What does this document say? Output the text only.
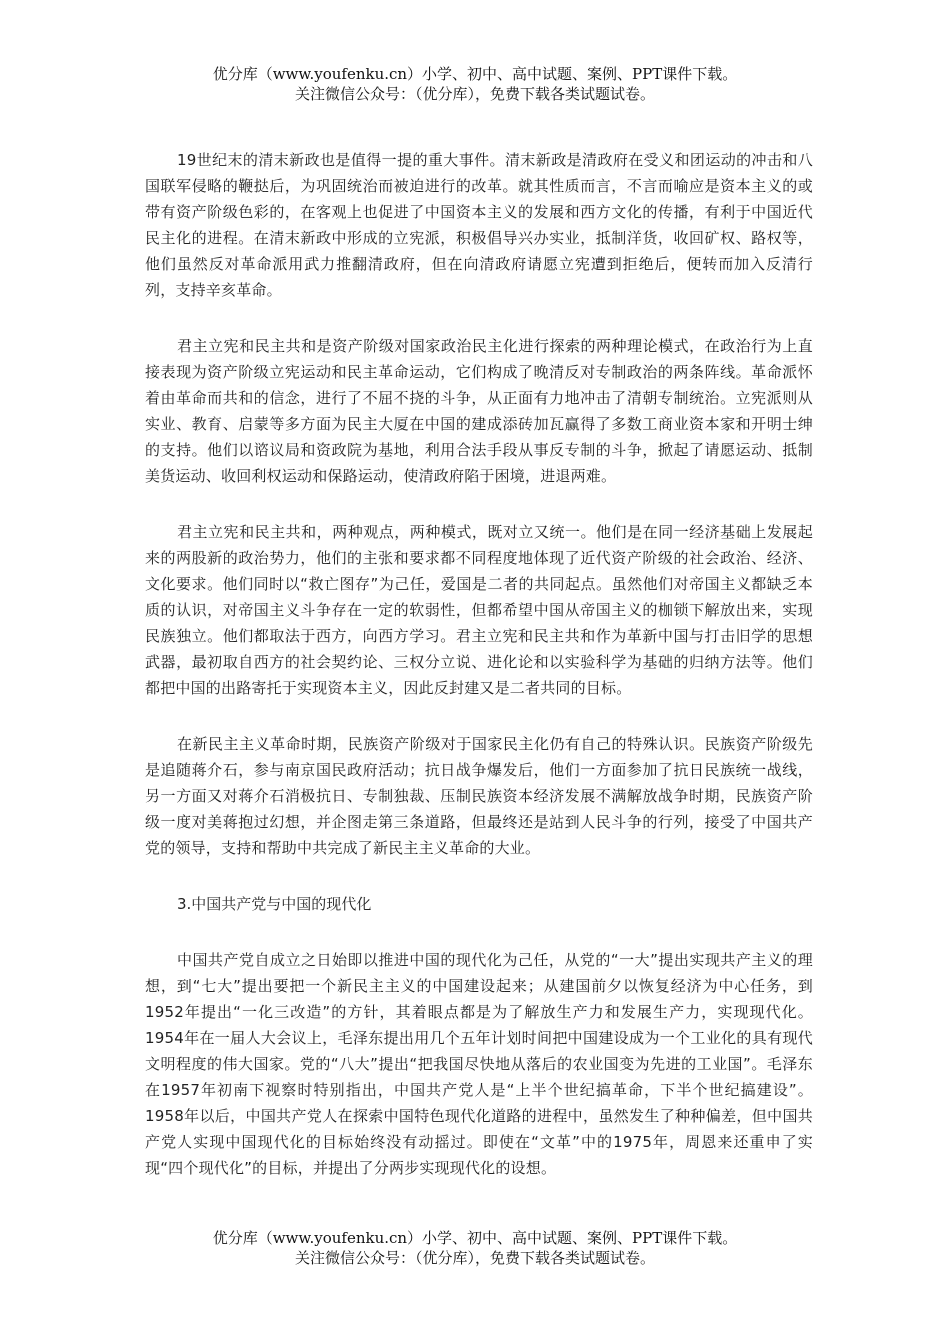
优分库（www.youfenku.cn）小学、初中、高中试题、案例、PPT课件下载。
关注微信公众号：（优分库），免费下载各类试题试卷。

19世纪末的清末新政也是值得一提的重大事件。清末新政是清政府在受义和团运动的冲击和八国联军侵略的鞭挞后，为巩固统治而被迫进行的改革。就其性质而言，不言而喻应是资本主义的或带有资产阶级色彩的，在客观上也促进了中国资本主义的发展和西方文化的传播，有利于中国近代民主化的进程。在清末新政中形成的立宪派，积极倡导兴办实业，抵制洋货，收回矿权、路权等，他们虽然反对革命派用武力推翻清政府，但在向清政府请愿立宪遭到拒绝后，便转而加入反清行列，支持辛亥革命。

君主立宪和民主共和是资产阶级对国家政治民主化进行探索的两种理论模式，在政治行为上直接表现为资产阶级立宪运动和民主革命运动，它们构成了晚清反对专制政治的两条阵线。革命派怀着由革命而共和的信念，进行了不屈不挠的斗争，从正面有力地冲击了清朝专制统治。立宪派则从实业、教育、启蒙等多方面为民主大厦在中国的建成添砖加瓦赢得了多数工商业资本家和开明士绅的支持。他们以谘议局和资政院为基地，利用合法手段从事反专制的斗争，掀起了请愿运动、抵制美货运动、收回利权运动和保路运动，使清政府陷于困境，进退两难。

君主立宪和民主共和，两种观点，两种模式，既对立又统一。他们是在同一经济基础上发展起来的两股新的政治势力，他们的主张和要求都不同程度地体现了近代资产阶级的社会政治、经济、文化要求。他们同时以“救亡图存”为己任，爱国是二者的共同起点。虽然他们对帝国主义都缺乏本质的认识，对帝国主义斗争存在一定的软弱性，但都希望中国从帝国主义的枷锁下解放出来，实现民族独立。他们都取法于西方，向西方学习。君主立宪和民主共和作为革新中国与打击旧学的思想武器，最初取自西方的社会契约论、三权分立说、进化论和以实验科学为基础的归纳方法等。他们都把中国的出路寄托于实现资本主义，因此反封建又是二者共同的目标。

在新民主主义革命时期，民族资产阶级对于国家民主化仍有自己的特殊认识。民族资产阶级先是追随蒋介石，参与南京国民政府活动；抗日战争爆发后，他们一方面参加了抗日民族统一战线，另一方面又对蒋介石消极抗日、专制独裁、压制民族资本经济发展不满解放战争时期，民族资产阶级一度对美蒋抱过幻想，并企图走第三条道路，但最终还是站到人民斗争的行列，接受了中国共产党的领导，支持和帮助中共完成了新民主主义革命的大业。

3.中国共产党与中国的现代化

中国共产党自成立之日始即以推进中国的现代化为己任，从党的“一大”提出实现共产主义的理想，到“七大”提出要把一个新民主主义的中国建设起来；从建国前夕以恢复经济为中心任务，到1952年提出“一化三改造”的方针，其着眼点都是为了解放生产力和发展生产力，实现现代化。1954年在一届人大会议上，毛泽东提出用几个五年计划时间把中国建设成为一个工业化的具有现代文明程度的伟大国家。党的“八大”提出“把我国尽快地从落后的农业国变为先进的工业国”。毛泽东在1957年初南下视察时特别指出，中国共产党人是“上半个世纪搞革命，下半个世纪搞建设”。1958年以后，中国共产党人在探索中国特色现代化道路的进程中，虽然发生了种种偏差，但中国共产党人实现中国现代化的目标始终没有动摇过。即使在“文革”中的1975年，周恩来还重申了实现“四个现代化”的目标，并提出了分两步实现现代化的设想。

优分库（www.youfenku.cn）小学、初中、高中试题、案例、PPT课件下载。
关注微信公众号：（优分库），免费下载各类试题试卷。
